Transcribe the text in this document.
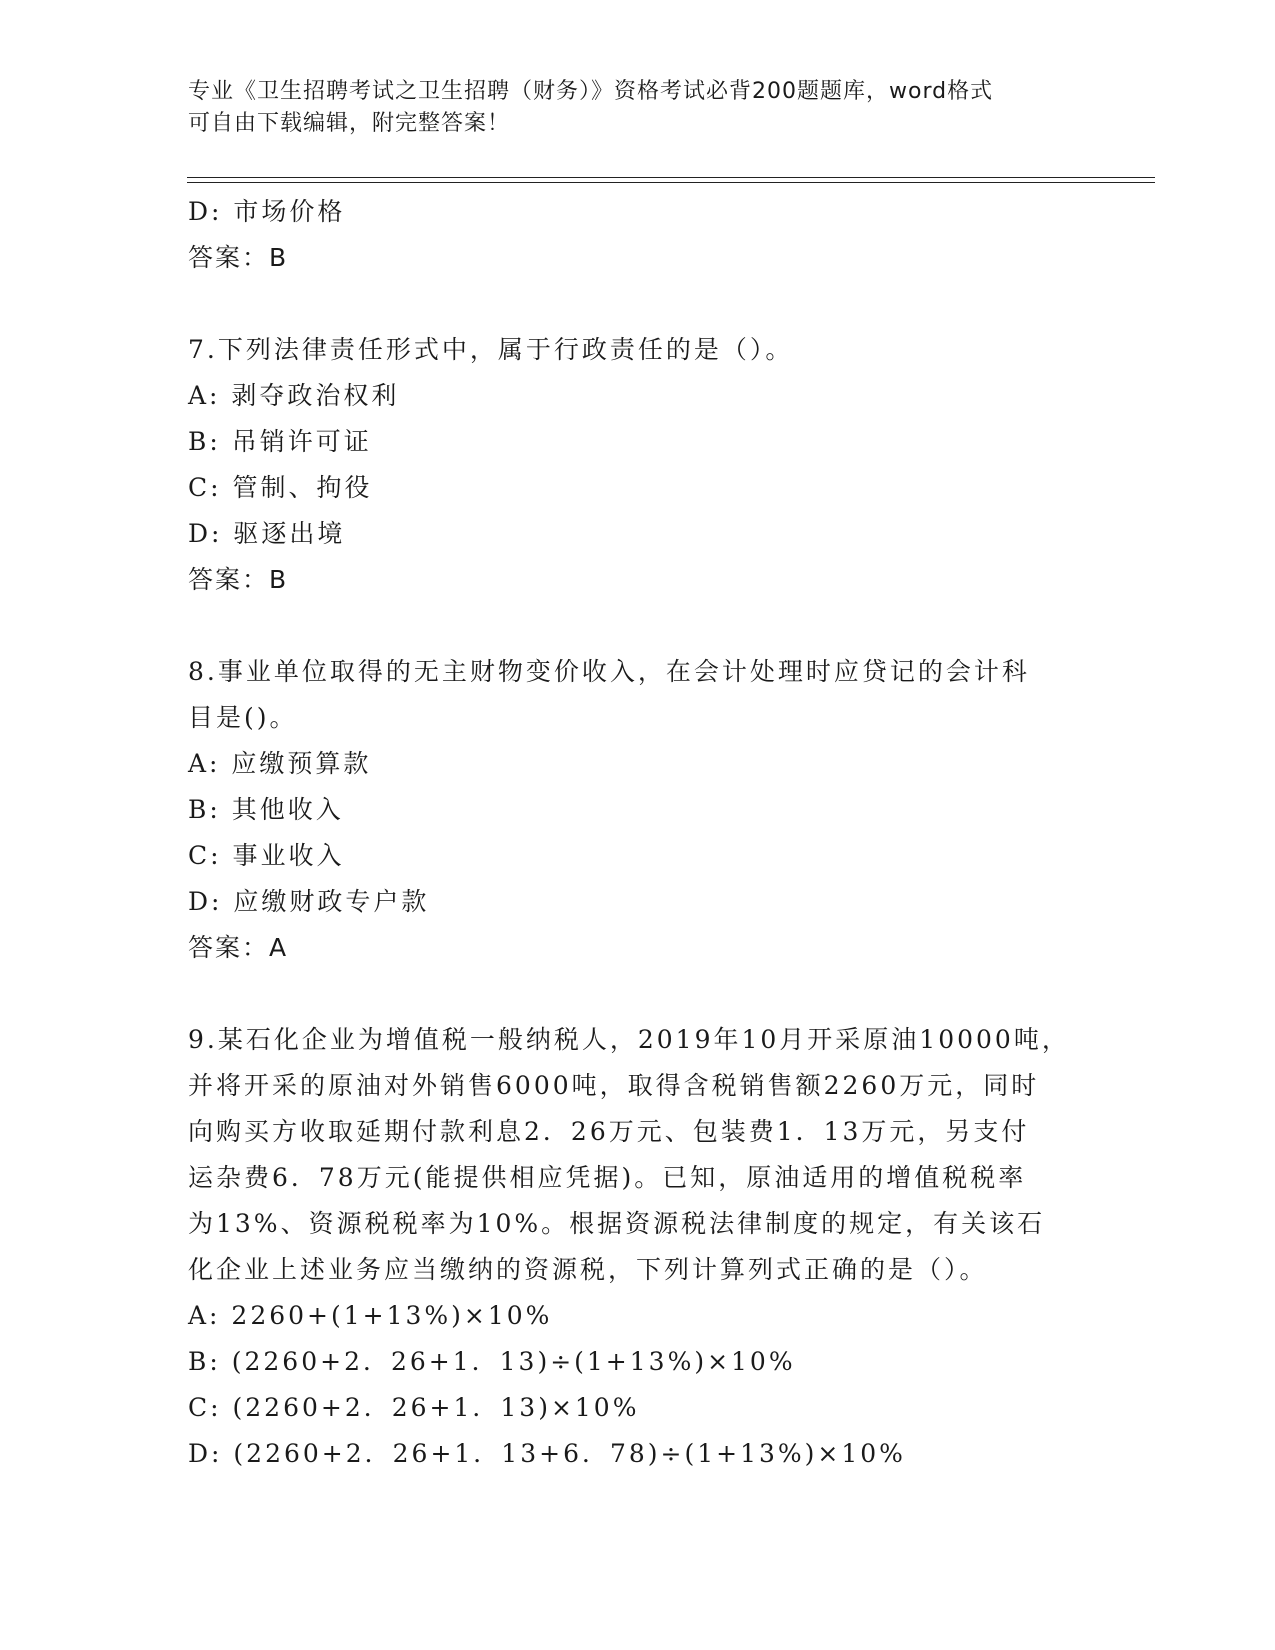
专业《卫生招聘考试之卫生招聘（财务）》资格考试必背200题题库，word格式
可自由下载编辑，附完整答案！
D: 市场价格
答案：B
7.下列法律责任形式中，属于行政责任的是（）。
A: 剥夺政治权利
B: 吊销许可证
C: 管制、拘役
D: 驱逐出境
答案：B
8.事业单位取得的无主财物变价收入，在会计处理时应贷记的会计科
目是()。
A: 应缴预算款
B: 其他收入
C: 事业收入
D: 应缴财政专户款
答案：A
9.某石化企业为增值税一般纳税人，2019年10月开采原油10000吨，
并将开采的原油对外销售6000吨，取得含税销售额2260万元，同时
向购买方收取延期付款利息2．26万元、包装费1．13万元，另支付
运杂费6．78万元(能提供相应凭据)。已知，原油适用的增值税税率
为13%、资源税税率为10%。根据资源税法律制度的规定，有关该石
化企业上述业务应当缴纳的资源税，下列计算列式正确的是（）。
A: 2260+(1+13%)×10%
B: (2260+2．26+1．13)÷(1+13%)×10%
C: (2260+2．26+1．13)×10%
D: (2260+2．26+1．13+6．78)÷(1+13%)×10%
